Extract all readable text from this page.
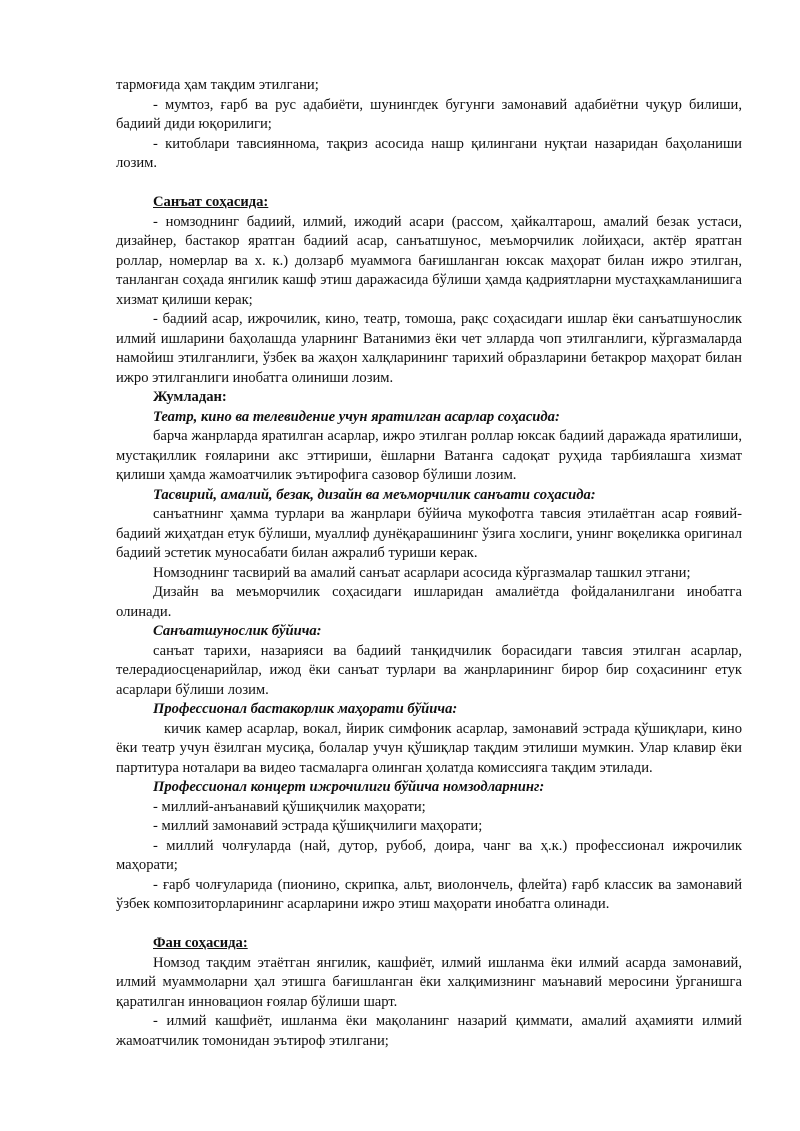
тармоғида ҳам тақдим этилгани;

- мумтоз, ғарб ва рус адабиёти, шунингдек бугунги замонавий адабиётни чуқур билиши, бадиий диди юқорилиги;

- китоблари тавсияннома, тақриз асосида нашр қилингани нуқтаи назаридан баҳоланиши лозим.

Санъат соҳасида:

- номзоднинг бадиий, илмий, ижодий асари (рассом, ҳайкалтарош, амалий безак устаси, дизайнер, бастакор яратган бадиий асар, санъатшунос, меъморчилик лойиҳаси, актёр яратган роллар, номерлар ва х. к.) долзарб муаммога бағишланган юксак маҳорат билан ижро этилган, танланган соҳада янгилик кашф этиш даражасида бўлиши ҳамда қадриятларни мустаҳкамланишига хизмат қилиши керак;

- бадиий асар, ижрочилик, кино, театр, томоша, рақс соҳасидаги ишлар ёки санъатшунослик илмий ишларини баҳолашда уларнинг Ватанимиз ёки чет элларда чоп этилганлиги, кўргазмаларда намойиш этилганлиги, ўзбек ва жаҳон халқларининг тарихий образларини бетакрор маҳорат билан ижро этилганлиги инобатга олиниши лозим.

Жумладан:

Театр, кино ва телевидение учун яратилган асарлар соҳасида:

барча жанрларда яратилган асарлар, ижро этилган роллар юксак бадиий даражада яратилиши, мустақиллик ғояларини акс эттириши, ёшларни Ватанга садоқат руҳида тарбиялашга хизмат қилиши ҳамда жамоатчилик эътирофига сазовор бўлиши лозим.

Тасвирий, амалий, безак, дизайн ва меъморчилик санъати соҳасида:

санъатнинг ҳамма турлари ва жанрлари бўйича мукофотга тавсия этилаётган асар ғоявий-бадиий жиҳатдан етук бўлиши, муаллиф дунёқарашининг ўзига хослиги, унинг воқеликка оригинал бадиий эстетик муносабати билан ажралиб туриши керак.

Номзоднинг тасвирий ва амалий санъат асарлари асосида кўргазмалар ташкил этгани;

Дизайн ва меъморчилик соҳасидаги ишларидан амалиётда фойдаланилгани инобатга олинади.

Санъатшунослик бўйича:

санъат тарихи, назарияси ва бадиий танқидчилик борасидаги тавсия этилган асарлар, телерадиосценарийлар, ижод ёки санъат турлари ва жанрларининг бирор бир соҳасининг етук асарлари бўлиши лозим.

Профессионал бастакорлик маҳорати бўйича:

кичик камер асарлар, вокал, йирик симфоник асарлар, замонавий эстрада қўшиқлари, кино ёки театр учун ёзилган мусиқа, болалар учун қўшиқлар тақдим этилиши мумкин. Улар клавир ёки партитура ноталари ва видео тасмаларга олинган ҳолатда комиссияга тақдим этилади.

Профессионал концерт ижрочилиги бўйича номзодларнинг:

- миллий-анъанавий қўшиқчилик маҳорати;

- миллий замонавий эстрада қўшиқчилиги маҳорати;

- миллий чолғуларда (най, дутор, рубоб, доира, чанг ва ҳ.к.) профессионал ижрочилик маҳорати;

- ғарб чолғуларида (пионино, скрипка, альт, виолончель, флейта) ғарб классик ва замонавий ўзбек композиторларининг асарларини ижро этиш маҳорати инобатга олинади.

Фан соҳасида:

Номзод тақдим этаётган янгилик, кашфиёт, илмий ишланма ёки илмий асарда замонавий, илмий муаммоларни ҳал этишга бағишланган ёки халқимизнинг маънавий меросини ўрганишга қаратилган инновацион ғоялар бўлиши шарт.

- илмий кашфиёт, ишланма ёки мақоланинг назарий қиммати, амалий аҳамияти илмий жамоатчилик томонидан эътироф этилгани;
